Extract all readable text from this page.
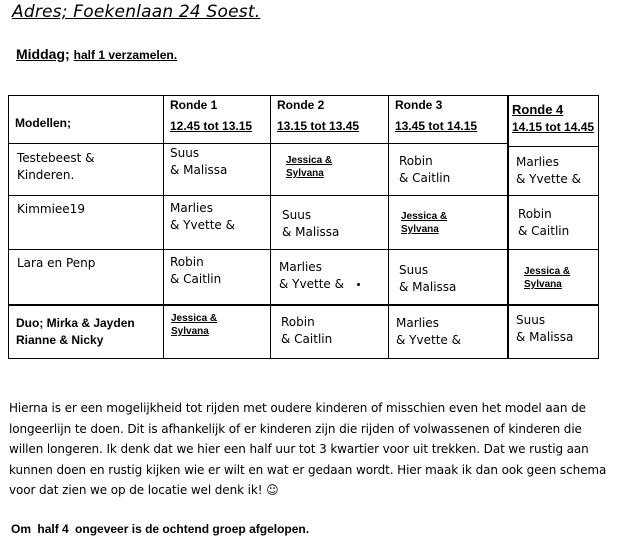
Adres; Foekenlaan 24 Soest.
Middag; half 1 verzamelen.
Modellen;
Ronde 1
12.45 tot 13.15
Ronde 2
13.15 tot 13.45
Ronde 3
13.45 tot 14.15
Ronde 4
14.15 tot 14.45
Testebeest &
Kinderen.
Suus
& Malissa
Jessica &
Sylvana
Robin
& Caitlin
Marlies
& Yvette &
Kimmiee19	Marlies
& Yvette &
Suus
& Malissa
Jessica &
Sylvana
Robin
& Caitlin
Lara en Penp	Robin
& Caitlin
Marlies
& Yvette &
Suus
& Malissa
Jessica &
Sylvana
Duo; Mirka & Jayden
Rianne & Nicky
Jessica &
Sylvana
Robin
& Caitlin
Marlies
& Yvette &
Suus
& Malissa
Hierna is er een mogelijkheid tot rijden met oudere kinderen of misschien even het model aan de
longeerlijn te doen. Dit is afhankelijk of er kinderen zijn die rijden of volwassenen of kinderen die
willen longeren. Ik denk dat we hier een half uur tot 3 kwartier voor uit trekken. Dat we rustig aan
kunnen doen en rustig kijken wie er wilt en wat er gedaan wordt. Hier maak ik dan ook geen schema
voor dat zien we op de locatie wel denk ik! ☺
Om half 4 ongeveer is de ochtend groep afgelopen.
